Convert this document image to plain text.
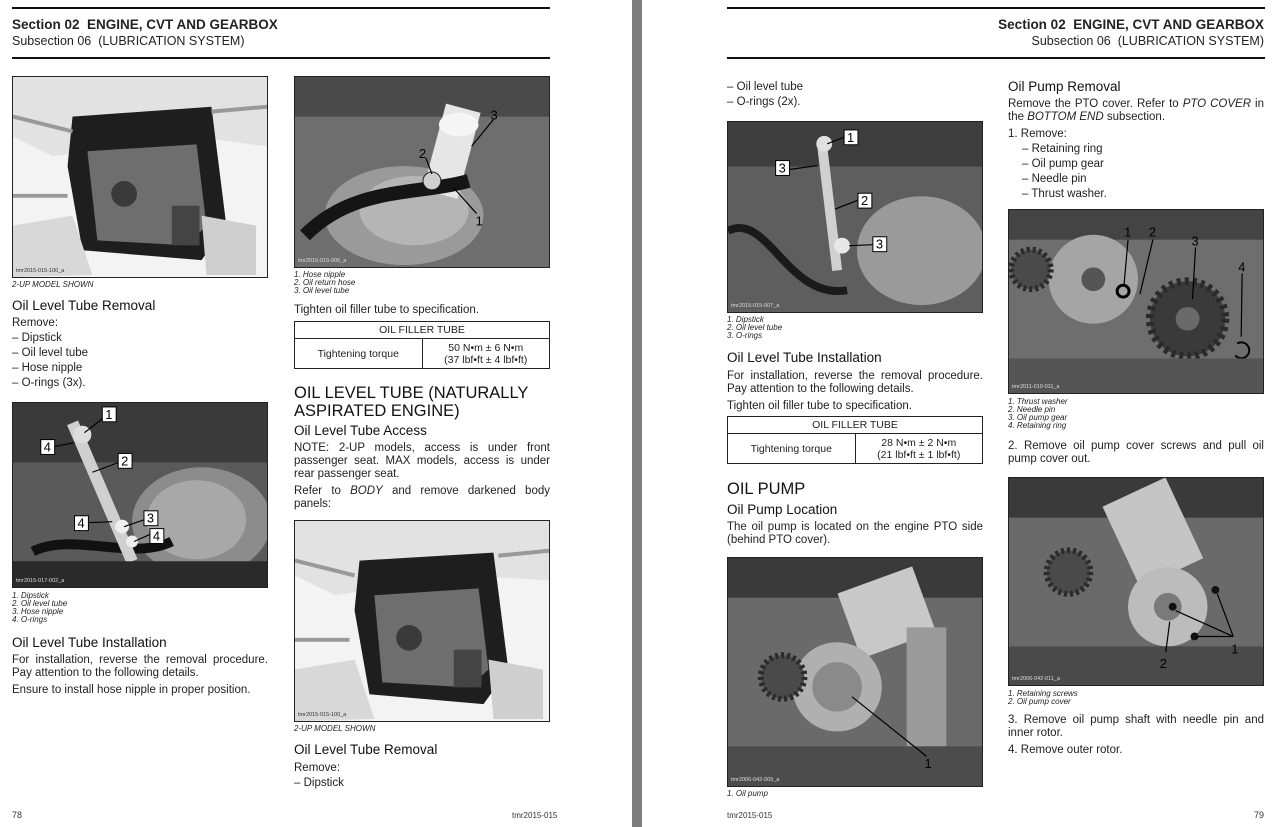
Section 02 ENGINE, CVT AND GEARBOX
Subsection 06 (LUBRICATION SYSTEM)
tmr2015-015-100_a
2-UP MODEL SHOWN
Oil Level Tube Removal
Remove:
– Dipstick
– Oil level tube
– Hose nipple
– O-rings (3x).
1
2
3
4
4
4
tmr2015-017-002_a
1. Dipstick
2. Oil level tube
3. Hose nipple
4. O-rings
Oil Level Tube Installation
For installation, reverse the removal procedure. Pay attention to the following details.
Ensure to install hose nipple in proper position.
3
2
1
tmr2015-015-006_a
1. Hose nipple
2. Oil return hose
3. Oil level tube
Tighten oil filler tube to specification.
OIL FILLER TUBE
Tightening torque	50 N•m ± 6 N•m
(37 lbf•ft ± 4 lbf•ft)
OIL LEVEL TUBE (NATURALLY ASPIRATED ENGINE)
Oil Level Tube Access
NOTE: 2-UP models, access is under front passenger seat. MAX models, access is under rear passenger seat.
Refer to BODY and remove darkened body panels:
tmr2015-015-100_a
2-UP MODEL SHOWN
Oil Level Tube Removal
Remove:
– Dipstick
78	tmr2015-015
Section 02 ENGINE, CVT AND GEARBOX
Subsection 06 (LUBRICATION SYSTEM)
– Oil level tube
– O-rings (2x).
1
3
2
3
tmr2015-015-007_a
1. Dipstick
2. Oil level tube
3. O-rings
Oil Level Tube Installation
For installation, reverse the removal procedure. Pay attention to the following details.
Tighten oil filler tube to specification.
OIL FILLER TUBE
Tightening torque	28 N•m ± 2 N•m
(21 lbf•ft ± 1 lbf•ft)
OIL PUMP
Oil Pump Location
The oil pump is located on the engine PTO side (behind PTO cover).
1
tmr2006-042-009_a
1. Oil pump
Oil Pump Removal
Remove the PTO cover. Refer to PTO COVER in the BOTTOM END subsection.
1. Remove:
– Retaining ring
– Oil pump gear
– Needle pin
– Thrust washer.
1 2
3
4
tmr2011-010-011_a
1. Thrust washer
2. Needle pin
3. Oil pump gear
4. Retaining ring
2. Remove oil pump cover screws and pull oil pump cover out.
1
2
tmr2006-042-011_a
1. Retaining screws
2. Oil pump cover
3. Remove oil pump shaft with needle pin and inner rotor.
4. Remove outer rotor.
tmr2015-015	79
